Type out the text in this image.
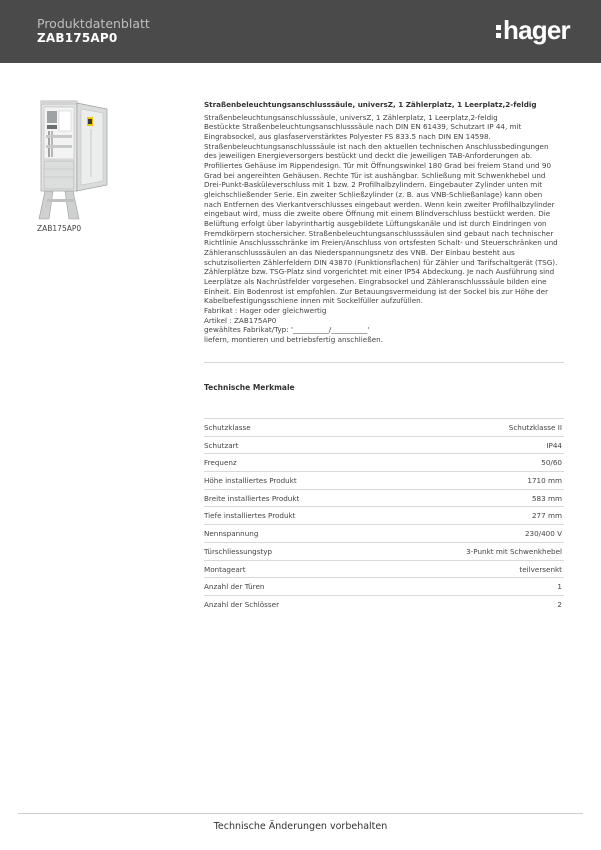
Produktdatenblatt
ZAB175AP0	hager
ZAB175AP0
Straßenbeleuchtungsanschlusssäule, universZ, 1 Zählerplatz, 1 Leerplatz,2-feldig

Straßenbeleuchtungsanschlusssäule, universZ, 1 Zählerplatz, 1 Leerplatz,2-feldig

Bestückte Straßenbeleuchtungsanschlusssäule nach DIN EN 61439, Schutzart IP 44, mit

Eingrabsockel, aus glasfaserverstärktes Polyester FS 833.5 nach DIN EN 14598.

Straßenbeleuchtungsanschlusssäule ist nach den aktuellen technischen Anschlussbedingungen

des jeweiligen Energieversorgers bestückt und deckt die jeweiligen TAB-Anforderungen ab.

Profiliertes Gehäuse im Rippendesign. Tür mit Öffnungswinkel 180 Grad bei freiem Stand und 90

Grad bei angereihten Gehäusen. Rechte Tür ist aushängbar. Schließung mit Schwenkhebel und

Drei-Punkt-Basküleverschluss mit 1 bzw. 2 Profilhalbzylindern. Eingebauter Zylinder unten mit

gleichschließender Serie. Ein zweiter Schließzylinder (z. B. aus VNB-Schließanlage) kann oben

nach Entfernen des Vierkantverschlusses eingebaut werden. Wenn kein zweiter Profilhalbzylinder

eingebaut wird, muss die zweite obere Öffnung mit einem Blindverschluss bestückt werden. Die

Belüftung erfolgt über labyrinthartig ausgebildete Lüftungskanäle und ist durch Eindringen von

Fremdkörpern stochersicher. Straßenbeleuchtungsanschlusssäulen sind gebaut nach technischer

Richtlinie Anschlussschränke im Freien/Anschluss von ortsfesten Schalt- und Steuerschränken und

Zähleranschlusssäulen an das Niederspannungsnetz des VNB. Der Einbau besteht aus

schutzisolierten Zählerfeldern DIN 43870 (Funktionsflachen) für Zähler und Tarifschaltgerät (TSG).

Zählerplätze bzw. TSG-Platz sind vorgerichtet mit einer IP54 Abdeckung. Je nach Ausführung sind

Leerplätze als Nachrüstfelder vorgesehen. Eingrabsockel und Zähleranschlusssäule bilden eine

Einheit. Ein Bodenrost ist empfohlen. Zur Betauungsvermeidung ist der Sockel bis zur Höhe der

Kabelbefestigungsschiene innen mit Sockelfüller aufzufüllen.

Fabrikat : Hager oder gleichwertig

Artikel : ZAB175AP0

gewähltes Fabrikat/Typ: '__________/__________'

liefern, montieren und betriebsfertig anschließen.

Technische Merkmale
Schutzklasse	Schutzklasse II
Schutzart	IP44
Frequenz	50/60
Höhe installiertes Produkt	1710 mm
Breite installiertes Produkt	583 mm
Tiefe installiertes Produkt	277 mm
Nennspannung	230/400 V
Türschliessungstyp	3-Punkt mit Schwenkhebel
Montageart	teilversenkt
Anzahl der Türen	1
Anzahl der Schlösser	2
Technische Änderungen vorbehalten
